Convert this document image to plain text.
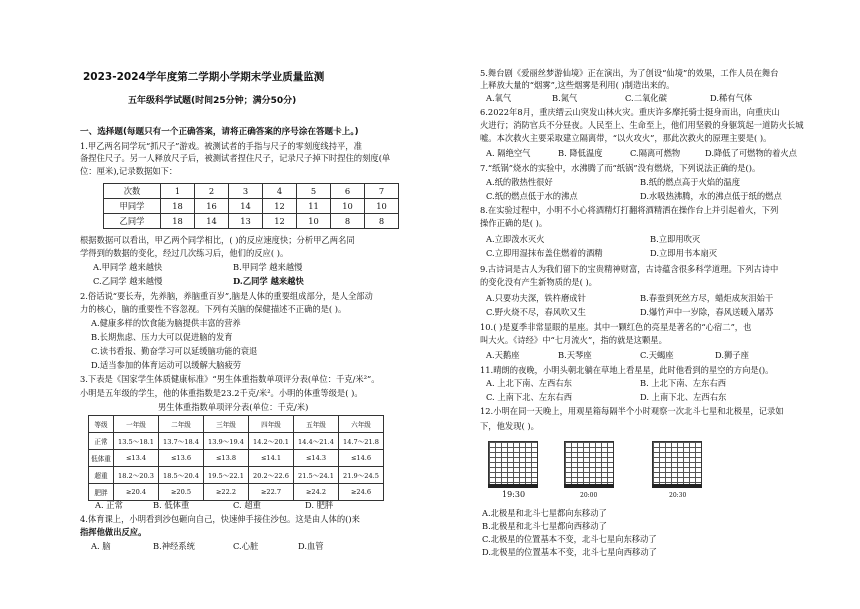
2023-2024学年度第二学期小学期末学业质量监测
五年级科学试题(时间25分钟；满分50分)
一、选择题(每题只有一个正确答案，请将正确答案的序号涂在答题卡上。)
1.甲乙两名同学玩“抓尺子”游戏。被测试者的手指与尺子的零刻度线持平，准
备捏住尺子。另一人释放尺子后，被测试者捏住尺子，记录尺子掉下时捏住的刻度(单
位：厘米),记录数据如下：
次数	1	2	3	4	5	6	7
甲同学	18	16	14	12	11	10	10
乙同学	18	14	13	12	10	8	8
根据数据可以看出，甲乙两个同学相比，( )的反应速度快；分析甲乙两名同
学得到的数据的变化，经过几次练习后，他们的反应( )。
A.甲同学 越来越快	B.甲同学 越来越慢
C.乙同学 越来越慢	D.乙同学 越来越快
2.俗话说“要长寿，先养脑，养脑重百岁”,脑是人体的重要组成部分，是人全部动
力的核心，脑的重要性不容忽视。下列有关脑的保健描述不正确的是( )。
A.健康多样的饮食能为脑提供丰富的营养
B.长期焦虑、压力大可以促进脑的发育
C.读书看报、勤奋学习可以延缓脑功能的衰退
D.适当参加的体育运动可以缓解大脑疲劳
3.下表是《国家学生体质健康标准》“男生体重指数单项评分表(单位：千克/米²”。
小明是五年级的学生，他的体重指数是23.2千克/米²。小明的体重等级是( )。
男生体重指数单项评分表(单位：千克/米)
等级	一年级	二年级	三年级	四年级	五年级	六年级
正常	13.5～18.1	13.7～18.4	13.9～19.4	14.2～20.1	14.4～21.4	14.7～21.8
低体重	≤13.4	≤13.6	≤13.8	≤14.1	≤14.3	≤14.6
超重	18.2～20.3	18.5～20.4	19.5～22.1	20.2～22.6	21.5～24.1	21.9～24.5
肥胖	≥20.4	≥20.5	≥22.2	≥22.7	≥24.2	≥24.6
A. 正常	B. 低体重	C. 超重	D. 肥胖
4.体育课上，小明看到沙包砸向自己，快速伸手接住沙包。这是由人体的()来
指挥他做出反应。
A. 脑	B.神经系统	C.心脏	D.血管
5.舞台剧《爱丽丝梦游仙境》正在演出，为了创设“仙境”的效果，工作人员在舞台
上释放大量的“烟雾”,这些烟雾是利用( )制造出来的。
A.氧气	B.氮气	C.二氧化碳	D.稀有气体
6.2022年8月，重庆缙云山突发山林火灾。重庆许多摩托骑士挺身而出，向重庆山
火进行；消防官兵不分昼夜。人民至上、生命至上，他们用坚毅的身躯筑起一道防火长城
嘘。本次救火主要采取建立隔离带，“以火攻火”，那此次救火的原理主要是( )。
A. 隔绝空气	B. 降低温度	C.隔离可燃物	D.降低了可燃物的着火点
7.“纸锅”烧水的实验中，水沸腾了而“纸锅”没有燃烧，下列说法正确的是()。
A.纸的散热性很好	B.纸的燃点高于火焰的温度
C.纸的燃点低于水的沸点	D.水吸热沸腾，水的沸点低于纸的燃点
8.在实验过程中，小明不小心将酒精灯打翻将酒精洒在操作台上并引起着火，下列
操作正确的是( )。
A.立即泼水灭火	B.立即用吹灭
C.立即用湿抹布盖住燃着的酒精	D.立即用书本扇灭
9.古诗词是古人为我们留下的宝贵精神财富，古诗蕴含很多科学道理。下列古诗中
的变化没有产生新物质的是( )。
A.只要功夫深，铁杵磨成针	B.春蚕到死丝方尽，蜡炬成灰泪始干
C.野火烧不尽，春风吹又生	D.爆竹声中一岁除，春风送暖入屠苏
10.( )是夏季非常显眼的星座。其中一颗红色的亮星是著名的“心宿二”，也
叫大火。《诗经》中“七月流火”，指的就是这颗星。
A.天鹅座	B.天琴座	C.天蝎座	D.狮子座
11.晴朗的夜晚，小明头朝北躺在草地上看星星，此时他看到的星空的方向是()。
A. 上北下南、左西右东	B. 上北下南、左东右西
C. 上南下北、左东右西	D. 上南下北、左西右东
12.小明在同一天晚上，用观星箱每隔半个小时观察一次北斗七星和北极星，记录如
下，他发现( )。
19:30	20:00	20:30
A.北极星和北斗七星都向东移动了
B.北极星和北斗七星都向西移动了
C.北极星的位置基本不变，北斗七星向东移动了
D.北极星的位置基本不变，北斗七星向西移动了
